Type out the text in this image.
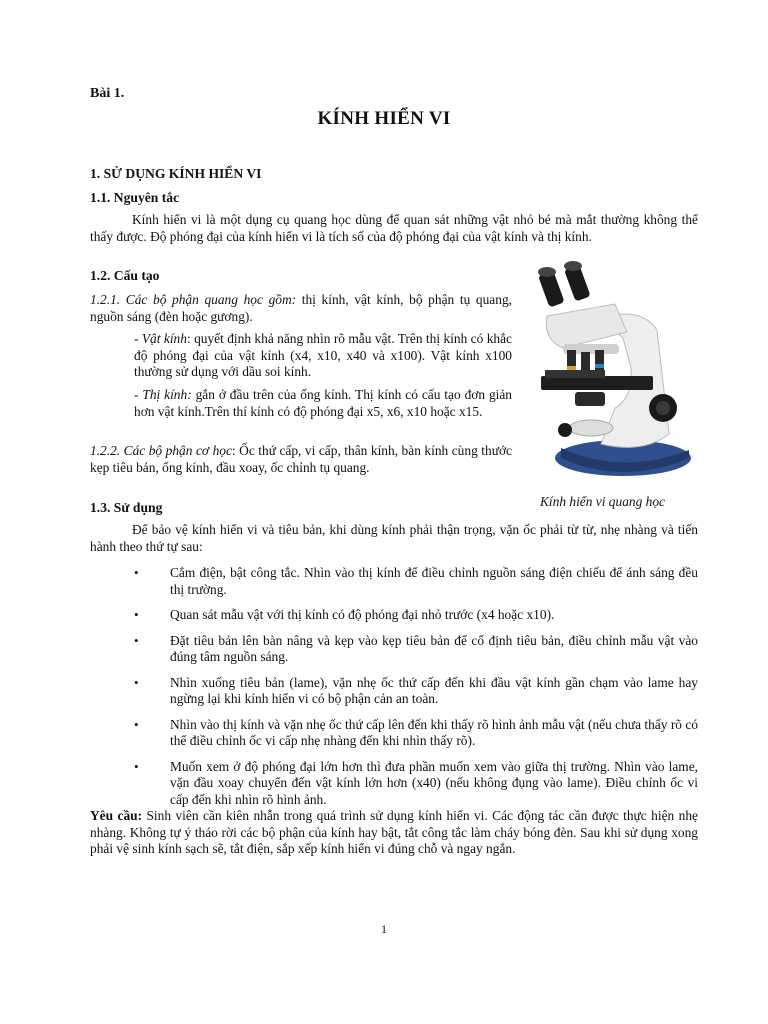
Bài 1.
KÍNH HIỂN VI
1. SỬ DỤNG KÍNH HIỂN VI
1.1. Nguyên tắc
Kính hiển vi là một dụng cụ quang học dùng để quan sát những vật nhỏ bé mà mắt thường không thể thấy được. Độ phóng đại của kính hiển vi là tích số của độ phóng đại của vật kính và thị kính.
1.2. Cấu tạo
1.2.1. Các bộ phận quang học gồm: thị kính, vật kính, bộ phận tụ quang, nguồn sáng (đèn hoặc gương).
- Vật kính: quyết định khả năng nhìn rõ mẫu vật. Trên thị kính có khắc độ phóng đại của vật kính (x4, x10, x40 và x100). Vật kính x100 thường sử dụng với dầu soi kính.
- Thị kính: gắn ở đầu trên của ống kính. Thị kính có cấu tạo đơn giản hơn vật kính.Trên thí kính có độ phóng đại x5, x6, x10 hoặc x15.
1.2.2. Các bộ phận cơ học: Ốc thứ cấp, vi cấp, thân kính, bàn kính cùng thước kẹp tiêu bản, ống kính, đầu xoay, ốc chỉnh tụ quang.
Kính hiển vi quang học
1.3. Sử dụng
Để bảo vệ kính hiển vi và tiêu bản, khi dùng kính phải thận trọng, vặn ốc phải từ từ, nhẹ nhàng và tiến hành theo thứ tự sau:
• Cắm điện, bật công tắc. Nhìn vào thị kính để điều chỉnh nguồn sáng điện chiếu để ánh sáng đều thị trường.
• Quan sát mẫu vật với thị kính có độ phóng đại nhỏ trước (x4 hoặc x10).
• Đặt tiêu bản lên bàn nâng và kẹp vào kẹp tiêu bản để cố định tiêu bản, điều chỉnh mẫu vật vào đúng tâm nguồn sáng.
• Nhìn xuống tiêu bản (lame), vặn nhẹ ốc thứ cấp đến khi đầu vật kính gần chạm vào lame hay ngừng lại khi kính hiển vi có bộ phận cản an toàn.
• Nhìn vào thị kính và vặn nhẹ ốc thứ cấp lên đến khi thấy rõ hình ảnh mẫu vật (nếu chưa thấy rõ có thể điều chỉnh ốc vi cấp nhẹ nhàng đến khi nhìn thấy rõ).
• Muốn xem ở độ phóng đại lớn hơn thì đưa phần muốn xem vào giữa thị trường. Nhìn vào lame, vặn đầu xoay chuyển đến vật kính lớn hơn (x40) (nếu không đụng vào lame). Điều chỉnh ốc vi cấp đến khi nhìn rõ hình ảnh.
Yêu cầu: Sinh viên cần kiên nhẫn trong quá trình sử dụng kính hiển vi. Các động tác cần được thực hiện nhẹ nhàng. Không tự ý tháo rời các bộ phận của kính hay bật, tắt công tắc làm cháy bóng đèn. Sau khi sử dụng xong phải vệ sinh kính sạch sẽ, tắt điện, sắp xếp kính hiển vi đúng chỗ và ngay ngắn.
1
